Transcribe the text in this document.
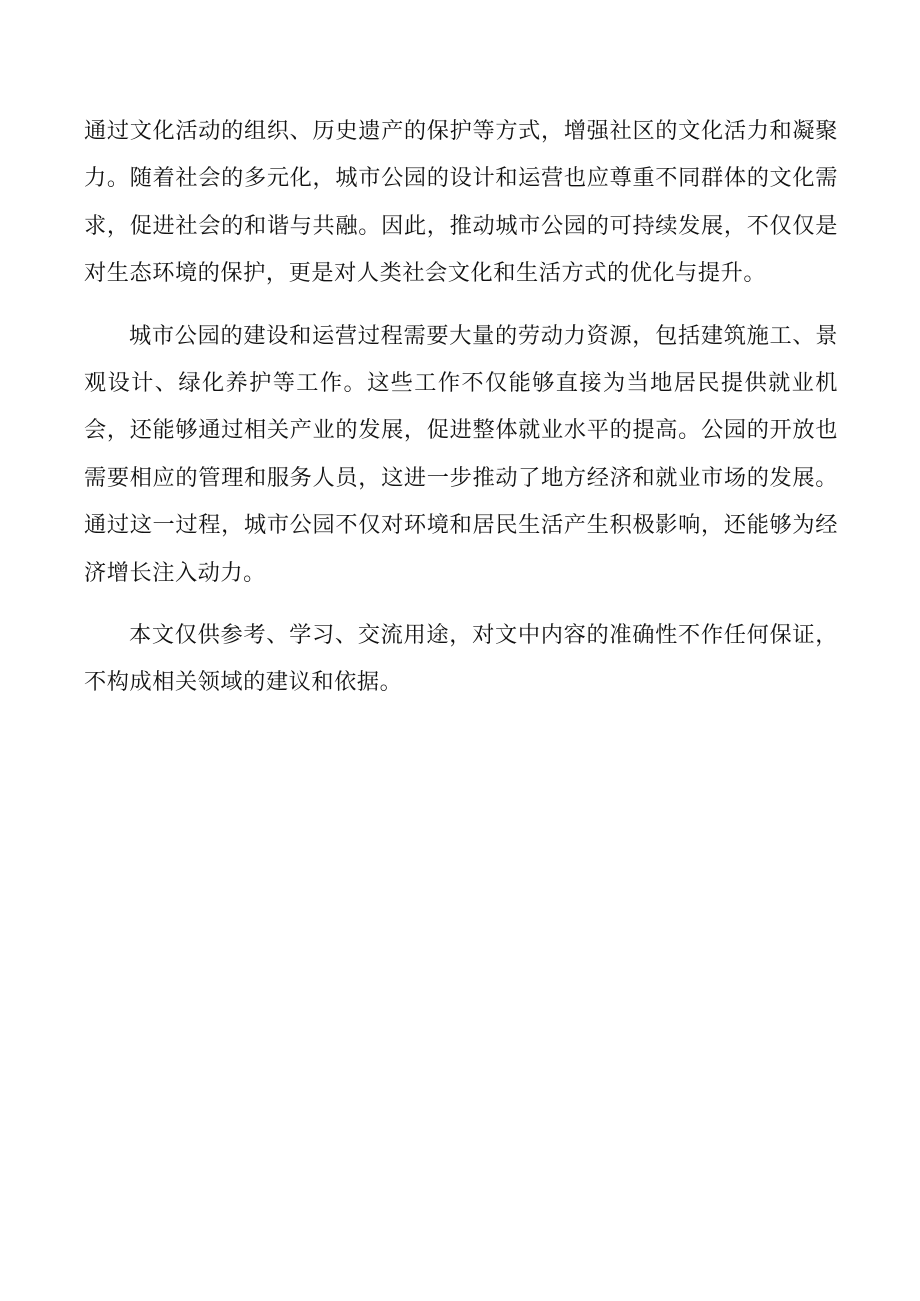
通过文化活动的组织、历史遗产的保护等方式，增强社区的文化活力和凝聚力。随着社会的多元化，城市公园的设计和运营也应尊重不同群体的文化需求，促进社会的和谐与共融。因此，推动城市公园的可持续发展，不仅仅是对生态环境的保护，更是对人类社会文化和生活方式的优化与提升。

城市公园的建设和运营过程需要大量的劳动力资源，包括建筑施工、景观设计、绿化养护等工作。这些工作不仅能够直接为当地居民提供就业机会，还能够通过相关产业的发展，促进整体就业水平的提高。公园的开放也需要相应的管理和服务人员，这进一步推动了地方经济和就业市场的发展。通过这一过程，城市公园不仅对环境和居民生活产生积极影响，还能够为经济增长注入动力。

本文仅供参考、学习、交流用途，对文中内容的准确性不作任何保证，不构成相关领域的建议和依据。
